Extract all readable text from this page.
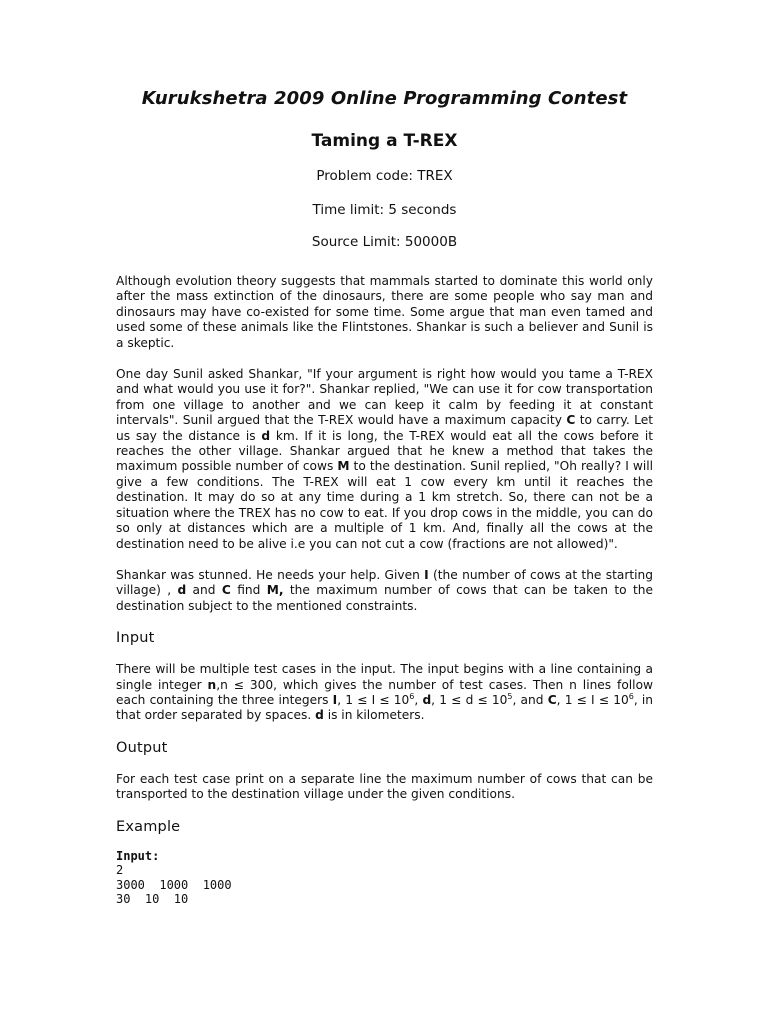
Kurukshetra 2009 Online Programming Contest
Taming a T-REX

Problem code: TREX

Time limit: 5 seconds

Source Limit: 50000B

Although evolution theory suggests that mammals started to dominate this world only after the mass extinction of the dinosaurs, there are some people who say man and dinosaurs may have co-existed for some time. Some argue that man even tamed and used some of these animals like the Flintstones. Shankar is such a believer and Sunil is a skeptic.

One day Sunil asked Shankar, "If your argument is right how would you tame a T-REX and what would you use it for?". Shankar replied, "We can use it for cow transportation from one village to another and we can keep it calm by feeding it at constant intervals". Sunil argued that the T-REX would have a maximum capacity C to carry. Let us say the distance is d km. If it is long, the T-REX would eat all the cows before it reaches the other village. Shankar argued that he knew a method that takes the maximum possible number of cows M to the destination. Sunil replied, "Oh really? I will give a few conditions. The T-REX will eat 1 cow every km until it reaches the destination. It may do so at any time during a 1 km stretch. So, there can not be a situation where the TREX has no cow to eat. If you drop cows in the middle, you can do so only at distances which are a multiple of 1 km. And, finally all the cows at the destination need to be alive i.e you can not cut a cow (fractions are not allowed)".

Shankar was stunned. He needs your help. Given I (the number of cows at the starting village) , d and C find M, the maximum number of cows that can be taken to the destination subject to the mentioned constraints.

Input

There will be multiple test cases in the input. The input begins with a line containing a single integer n,n ≤ 300, which gives the number of test cases. Then n lines follow each containing the three integers I, $1 \le I \le 10^6$, d, $1 \le d \le 10^5$, and C, $1 \le I \le 10^6$, in that order separated by spaces. d is in kilometers.

Output

For each test case print on a separate line the maximum number of cows that can be transported to the destination village under the given conditions.

Example
Input:
2
3000  1000  1000
30  10  10
